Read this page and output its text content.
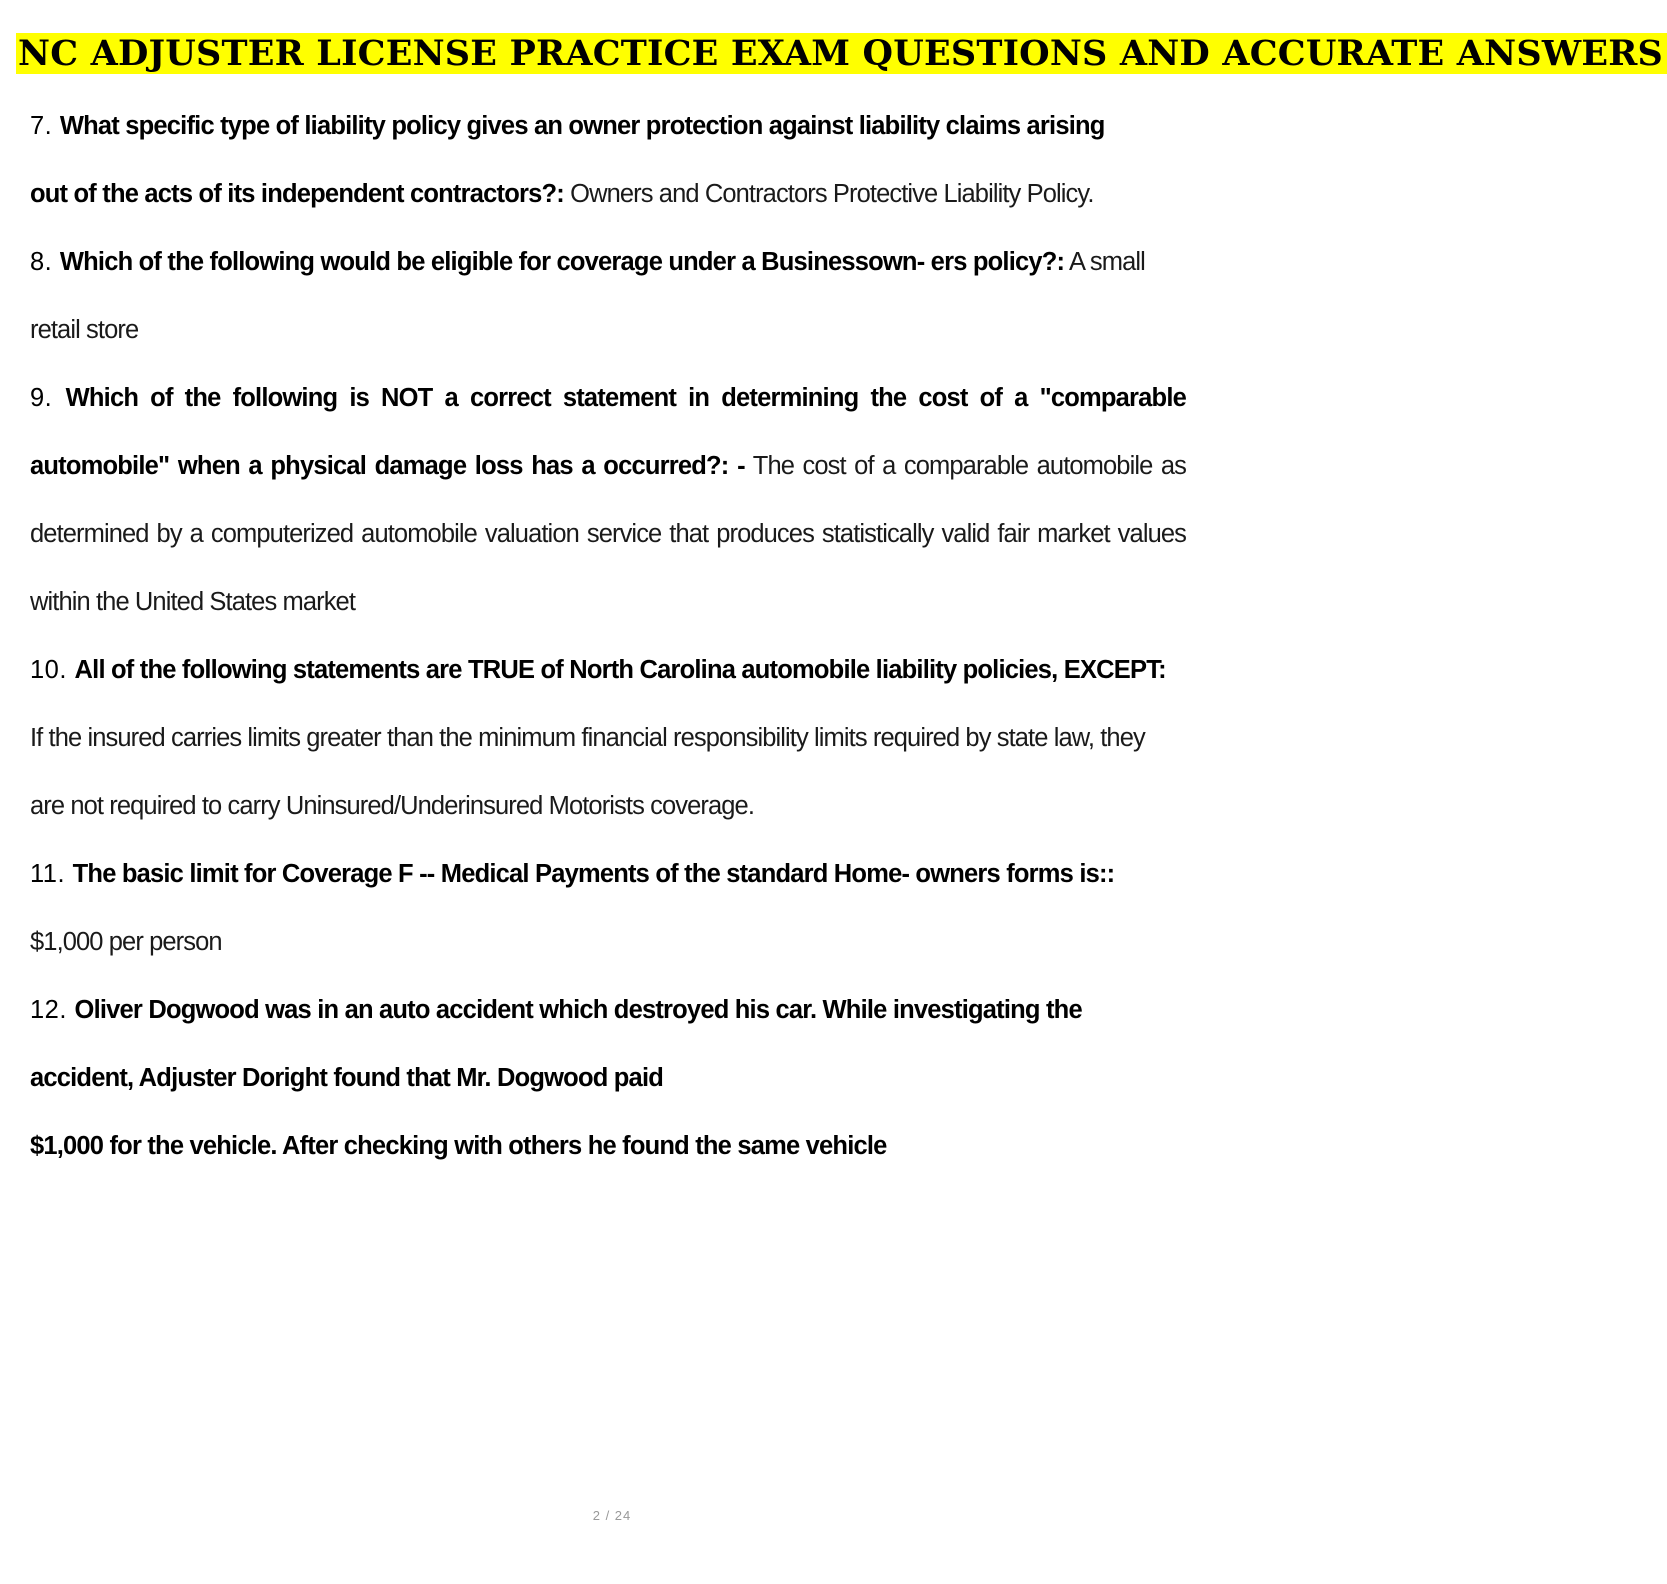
NC ADJUSTER LICENSE PRACTICE EXAM QUESTIONS AND ACCURATE ANSWERS

7. What specific type of liability policy gives an owner protection against liability claims arising out of the acts of its independent contractors?: Owners and Contractors Protective Liability Policy.

8. Which of the following would be eligible for coverage under a Businessown- ers policy?: A small retail store

9. Which of the following is NOT a correct statement in determining the cost of a "comparable automobile" when a physical damage loss has a occurred?: - The cost of a comparable automobile as determined by a computerized automobile valuation service that produces statistically valid fair market values within the United States market

10. All of the following statements are TRUE of North Carolina automobile liability policies, EXCEPT: If the insured carries limits greater than the minimum financial responsibility limits required by state law, they are not required to carry Uninsured/Underinsured Motorists coverage.

11. The basic limit for Coverage F -- Medical Payments of the standard Home- owners forms is:: $1,000 per person

12. Oliver Dogwood was in an auto accident which destroyed his car. While investigating the accident, Adjuster Doright found that Mr. Dogwood paid
$1,000 for the vehicle. After checking with others he found the same vehicle

2 / 24
